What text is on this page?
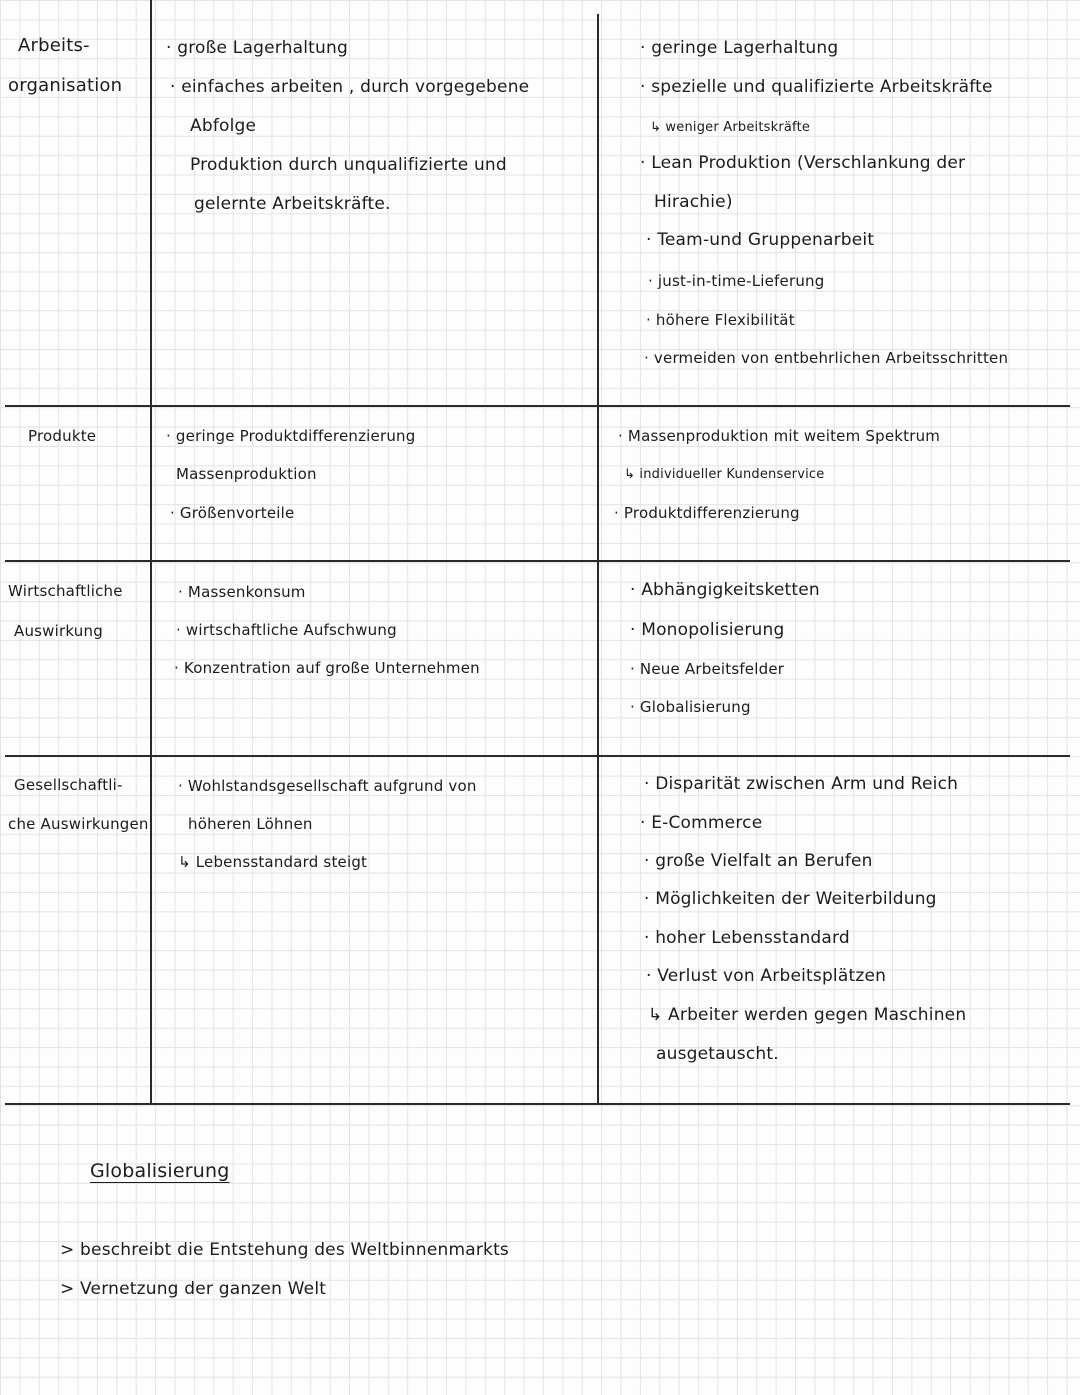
Arbeits-
organisation
· große Lagerhaltung
· einfaches arbeiten , durch vorgegebene
Abfolge
Produktion durch unqualifizierte und
gelernte Arbeitskräfte.
· geringe Lagerhaltung
· spezielle und qualifizierte Arbeitskräfte
↳ weniger Arbeitskräfte
· Lean Produktion (Verschlankung der
Hirachie)
· Team-und Gruppenarbeit
· just-in-time-Lieferung
· höhere Flexibilität
· vermeiden von entbehrlichen Arbeitsschritten
Produkte	· geringe Produktdifferenzierung
Massenproduktion
· Größenvorteile
· Massenproduktion mit weitem Spektrum
↳ individueller Kundenservice
· Produktdifferenzierung
Wirtschaftliche
Auswirkung
· Massenkonsum
· wirtschaftliche Aufschwung
· Konzentration auf große Unternehmen
· Abhängigkeitsketten
· Monopolisierung
· Neue Arbeitsfelder
· Globalisierung
Gesellschaftli-
che Auswirkungen
· Wohlstandsgesellschaft aufgrund von
höheren Löhnen
↳ Lebensstandard steigt
· Disparität zwischen Arm und Reich
· E-Commerce
· große Vielfalt an Berufen
· Möglichkeiten der Weiterbildung
· hoher Lebensstandard
· Verlust von Arbeitsplätzen
↳ Arbeiter werden gegen Maschinen
ausgetauscht.
Globalisierung
> beschreibt die Entstehung des Weltbinnenmarkts
> Vernetzung der ganzen Welt
